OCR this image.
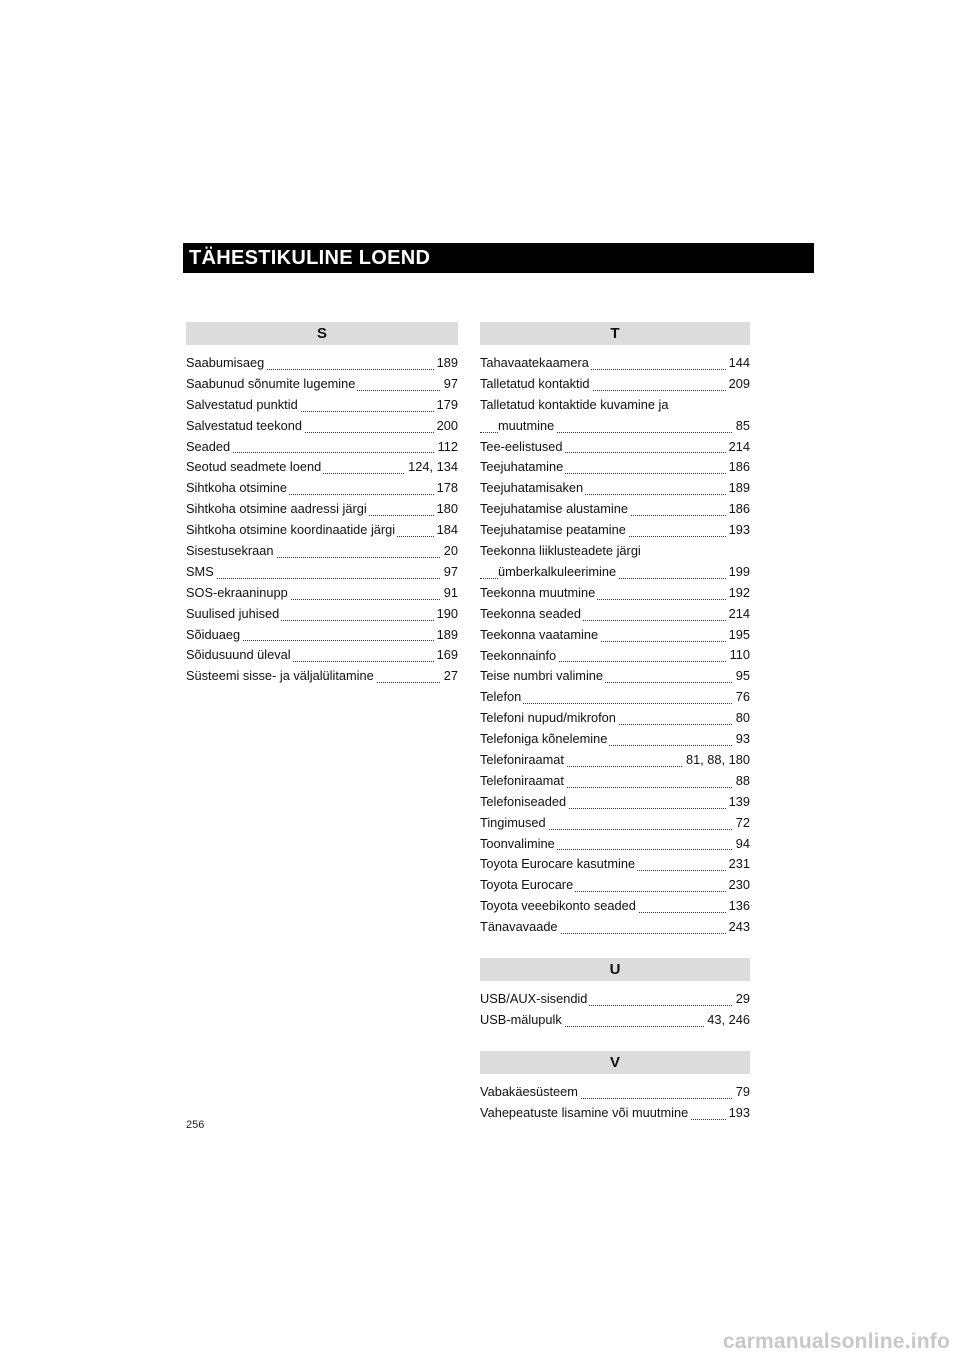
TÄHESTIKULINE LOEND
S
Saabumisaeg	189
Saabunud sõnumite lugemine	97
Salvestatud punktid	179
Salvestatud teekond	200
Seaded	112
Seotud seadmete loend	124, 134
Sihtkoha otsimine	178
Sihtkoha otsimine aadressi järgi	180
Sihtkoha otsimine koordinaatide järgi	184
Sisestusekraan	20
SMS	97
SOS-ekraaninupp	91
Suulised juhised	190
Sõiduaeg	189
Sõidusuund üleval	169
Süsteemi sisse- ja väljalülitamine	27
T
Tahavaatekaamera	144
Talletatud kontaktid	209
Talletatud kontaktide kuvamine ja
muutmine	85
Tee-eelistused	214
Teejuhatamine	186
Teejuhatamisaken	189
Teejuhatamise alustamine	186
Teejuhatamise peatamine	193
Teekonna liiklusteadete järgi
ümberkalkuleerimine	199
Teekonna muutmine	192
Teekonna seaded	214
Teekonna vaatamine	195
Teekonnainfo	110
Teise numbri valimine	95
Telefon	76
Telefoni nupud/mikrofon	80
Telefoniga kõnelemine	93
Telefoniraamat	81, 88, 180
Telefoniraamat	88
Telefoniseaded	139
Tingimused	72
Toonvalimine	94
Toyota Eurocare kasutmine	231
Toyota Eurocare	230
Toyota veeebikonto seaded	136
Tänavavaade	243
U
USB/AUX-sisendid	29
USB-mälupulk	43, 246
V
Vabakäesüsteem	79
Vahepeatuste lisamine või muutmine	193
256
carmanualsonline.info
